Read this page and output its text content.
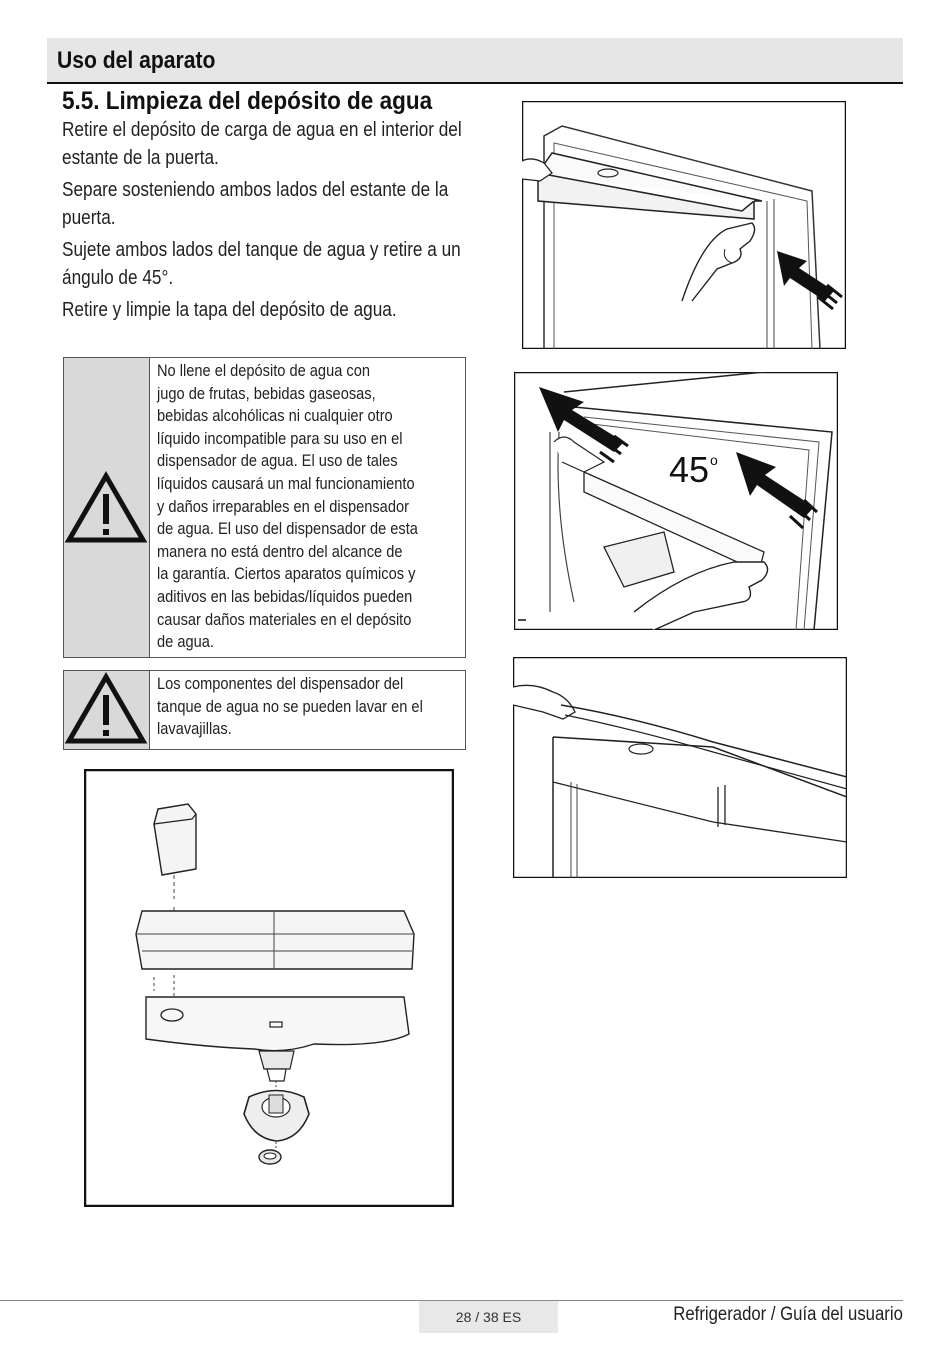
Uso del aparato
5.5. Limpieza del depósito de agua

Retire el depósito de carga de agua en el interior del estante de la puerta.

Separe sosteniendo ambos lados del estante de la puerta.

Sujete ambos lados del tanque de agua y retire a un ángulo de 45°.

Retire y limpie la tapa del depósito de agua.

No llene el depósito de agua con
jugo de frutas, bebidas gaseosas,
bebidas alcohólicas ni cualquier otro
líquido incompatible para su uso en el
dispensador de agua. El uso de tales
líquidos causará un mal funcionamiento
y daños irreparables en el dispensador
de agua. El uso del dispensador de esta
manera no está dentro del alcance de
la garantía. Ciertos aparatos químicos y
aditivos en las bebidas/líquidos pueden
causar daños materiales en el depósito
de agua.
Los componentes del dispensador del
tanque de agua no se pueden lavar en el
lavavajillas.
45 o
28 / 38 ES	Refrigerador / Guía del usuario
